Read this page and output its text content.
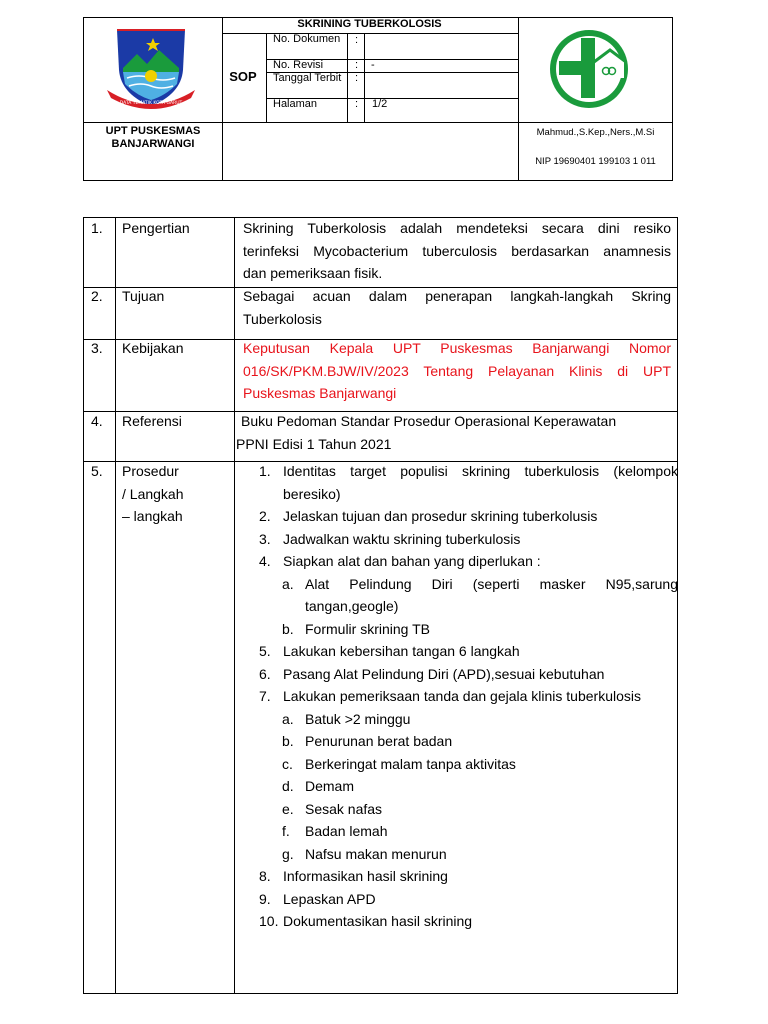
SKRINING TUBERKOLOSIS
SOP
No. Dokumen
No. Revisi
Tanggal Terbit
Halaman
:
:
:
:
-
1/2
UPT PUSKESMAS
BANJARWANGI
Mahmud.,S.Kep.,Ners.,M.Si
NIP 19690401 199103 1 011
DATA TEMATIK KOTA GARUT
1.
2.
3.
4.
5.
Pengertian
Tujuan
Kebijakan
Referensi
Prosedur
/ Langkah
– langkah
Skrining Tuberkolosis adalah mendeteksi secara dini resiko
terinfeksi Mycobacterium tuberculosis berdasarkan anamnesis
dan pemeriksaan fisik.
Sebagai acuan dalam penerapan langkah-langkah Skring
Tuberkolosis
Keputusan Kepala UPT Puskesmas Banjarwangi Nomor
016/SK/PKM.BJW/IV/2023 Tentang Pelayanan Klinis di UPT
Puskesmas Banjarwangi
Buku Pedoman Standar Prosedur Operasional Keperawatan
PPNI Edisi 1 Tahun 2021
1. Identitas target populisi skrining tuberkulosis (kelompok
beresiko)
2. Jelaskan tujuan dan prosedur skrining tuberkolusis
3. Jadwalkan waktu skrining tuberkulosis
4. Siapkan alat dan bahan yang diperlukan :
a. Alat Pelindung Diri (seperti masker N95,sarung
tangan,geogle)
b. Formulir skrining TB
5. Lakukan kebersihan tangan 6 langkah
6. Pasang Alat Pelindung Diri (APD),sesuai kebutuhan
7. Lakukan pemeriksaan tanda dan gejala klinis tuberkulosis
a. Batuk >2 minggu
b. Penurunan berat badan
c. Berkeringat malam tanpa aktivitas
d. Demam
e. Sesak nafas
f. Badan lemah
g. Nafsu makan menurun
8. Informasikan hasil skrining
9. Lepaskan APD
10. Dokumentasikan hasil skrining
